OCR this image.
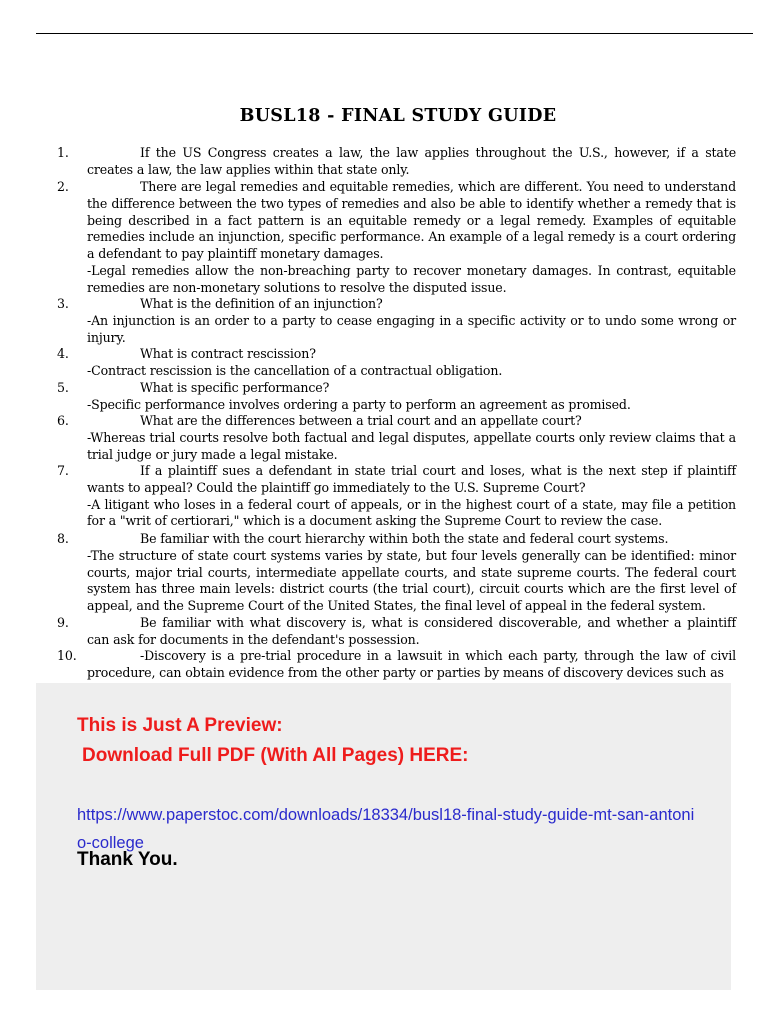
BUSL18 - FINAL STUDY GUIDE
1.	If the US Congress creates a law, the law applies throughout the U.S., however, if a state creates a law, the law applies within that state only.
2.	There are legal remedies and equitable remedies, which are different. You need to understand the difference between the two types of remedies and also be able to identify whether a remedy that is being described in a fact pattern is an equitable remedy or a legal remedy. Examples of equitable remedies include an injunction, specific performance. An example of a legal remedy is a court ordering a defendant to pay plaintiff monetary damages.
-Legal remedies allow the non-breaching party to recover monetary damages. In contrast, equitable remedies are non-monetary solutions to resolve the disputed issue.
3.	What is the definition of an injunction?
-An injunction is an order to a party to cease engaging in a specific activity or to undo some wrong or injury.
4.	What is contract rescission?
-Contract rescission is the cancellation of a contractual obligation.
5.	What is specific performance?
-Specific performance involves ordering a party to perform an agreement as promised.
6.	What are the differences between a trial court and an appellate court?
-Whereas trial courts resolve both factual and legal disputes, appellate courts only review claims that a trial judge or jury made a legal mistake.
7.	If a plaintiff sues a defendant in state trial court and loses, what is the next step if plaintiff wants to appeal? Could the plaintiff go immediately to the U.S. Supreme Court?
-A litigant who loses in a federal court of appeals, or in the highest court of a state, may file a petition for a "writ of certiorari," which is a document asking the Supreme Court to review the case.
8.	Be familiar with the court hierarchy within both the state and federal court systems.
-The structure of state court systems varies by state, but four levels generally can be identified: minor courts, major trial courts, intermediate appellate courts, and state supreme courts. The federal court system has three main levels: district courts (the trial court), circuit courts which are the first level of appeal, and the Supreme Court of the United States, the final level of appeal in the federal system.
9.	Be familiar with what discovery is, what is considered discoverable, and whether a plaintiff can ask for documents in the defendant's possession.
10.	-Discovery is a pre-trial procedure in a lawsuit in which each party, through the law of civil procedure, can obtain evidence from the other party or parties by means of discovery devices such as
This is Just A Preview:
Download Full PDF (With All Pages) HERE:
https://www.paperstoc.com/downloads/18334/busl18-final-study-guide-mt-san-antonio-college
Thank You.
